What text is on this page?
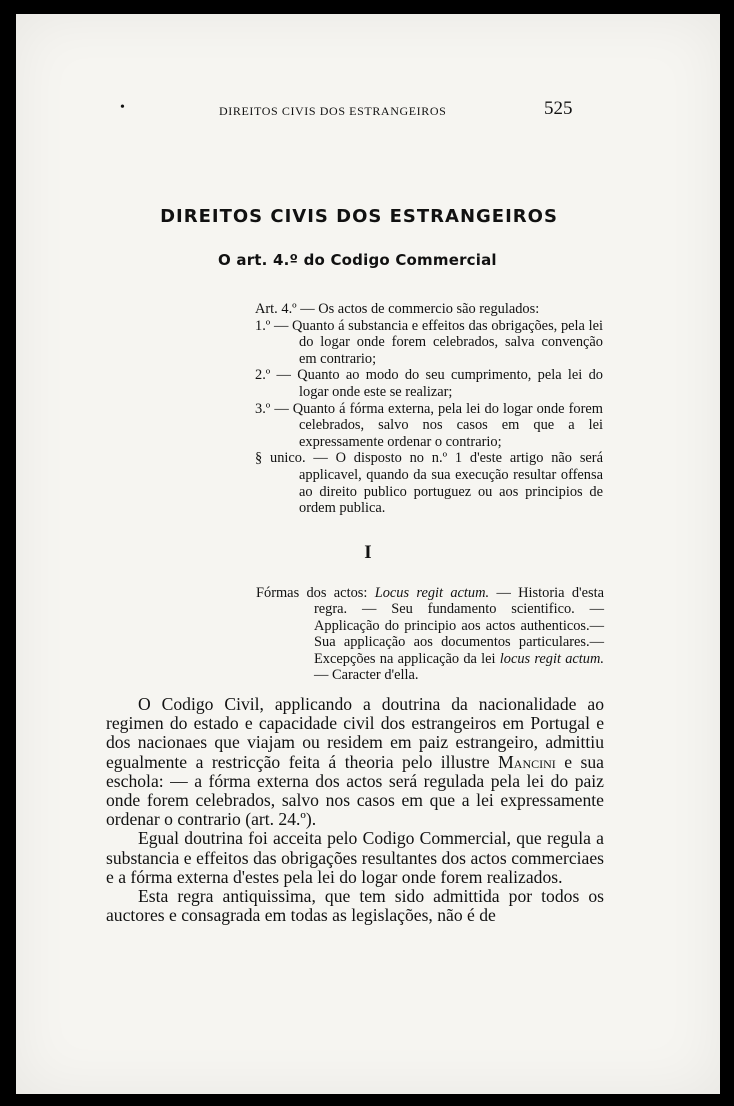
•	DIREITOS CIVIS DOS ESTRANGEIROS	525
DIREITOS CIVIS DOS ESTRANGEIROS
O art. 4.º do Codigo Commercial
Art. 4.º — Os actos de commercio são regulados:
1.º — Quanto á substancia e effeitos das obrigações, pela lei do logar onde forem celebrados, salva convenção em contrario;
2.º — Quanto ao modo do seu cumprimento, pela lei do logar onde este se realizar;
3.º — Quanto á fórma externa, pela lei do logar onde forem celebrados, salvo nos casos em que a lei expressamente ordenar o contrario;
§ unico. — O disposto no n.º 1 d'este artigo não será applicavel, quando da sua execução resultar offensa ao direito publico portuguez ou aos principios de ordem publica.
I
Fórmas dos actos: Locus regit actum. — Historia d'esta regra. — Seu fundamento scientifico. — Applicação do principio aos actos authenticos.—Sua applicação aos documentos particulares.—Excepções na applicação da lei locus regit actum. — Caracter d'ella.

O Codigo Civil, applicando a doutrina da nacionalidade ao regimen do estado e capacidade civil dos estrangeiros em Portugal e dos nacionaes que viajam ou residem em paiz estrangeiro, admittiu egualmente a restricção feita á theoria pelo illustre Mancini e sua eschola: — a fórma externa dos actos será regulada pela lei do paiz onde forem celebrados, salvo nos casos em que a lei expressamente ordenar o contrario (art. 24.º).

Egual doutrina foi acceita pelo Codigo Commercial, que regula a substancia e effeitos das obrigações resultantes dos actos commerciaes e a fórma externa d'estes pela lei do logar onde forem realizados.

Esta regra antiquissima, que tem sido admittida por todos os auctores e consagrada em todas as legislações, não é de
